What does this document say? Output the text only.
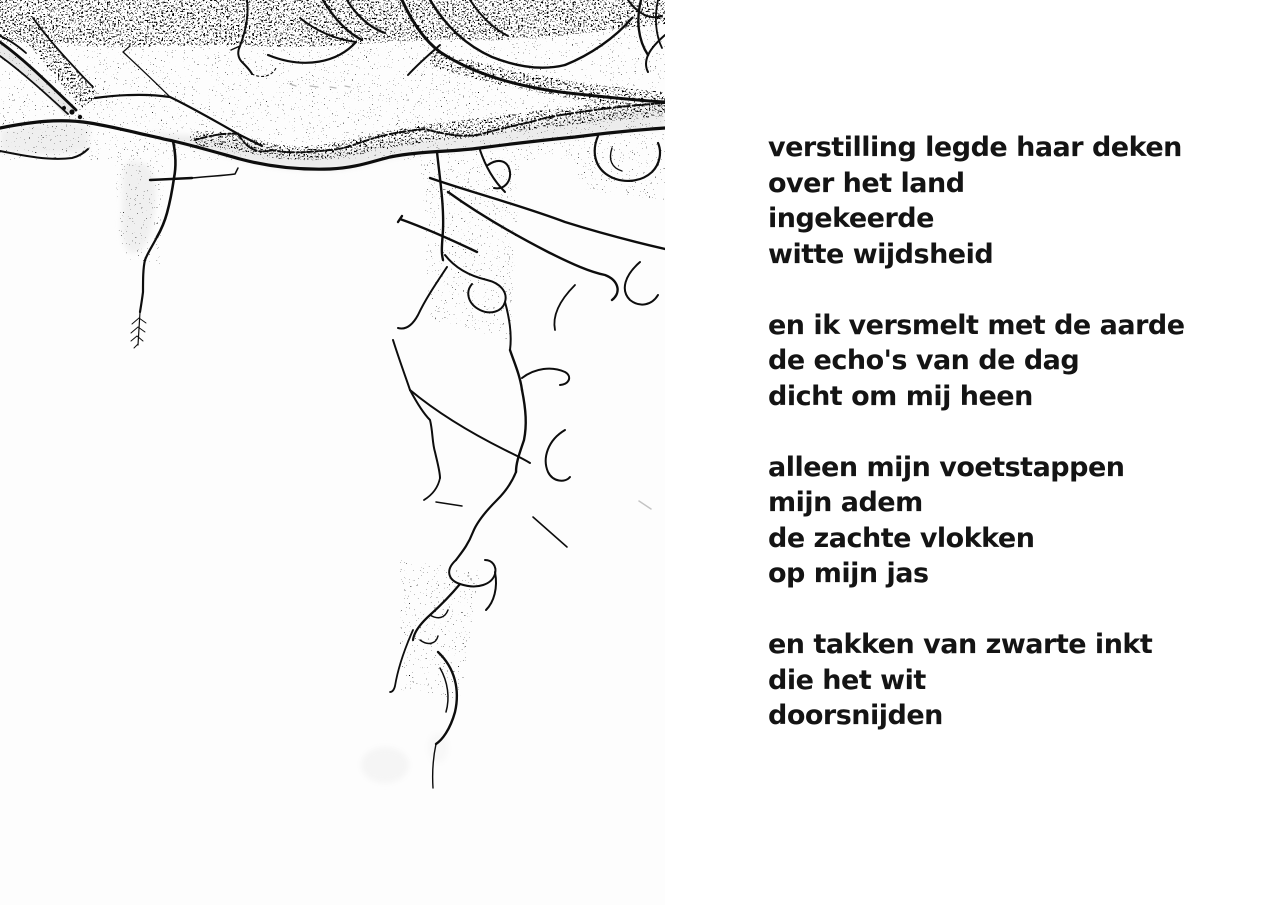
verstilling legde haar deken
over het land
ingekeerde
witte wijdsheid
en ik versmelt met de aarde
de echo's van de dag
dicht om mij heen
alleen mijn voetstappen
mijn adem
de zachte vlokken
op mijn jas
en takken van zwarte inkt
die het wit
doorsnijden
